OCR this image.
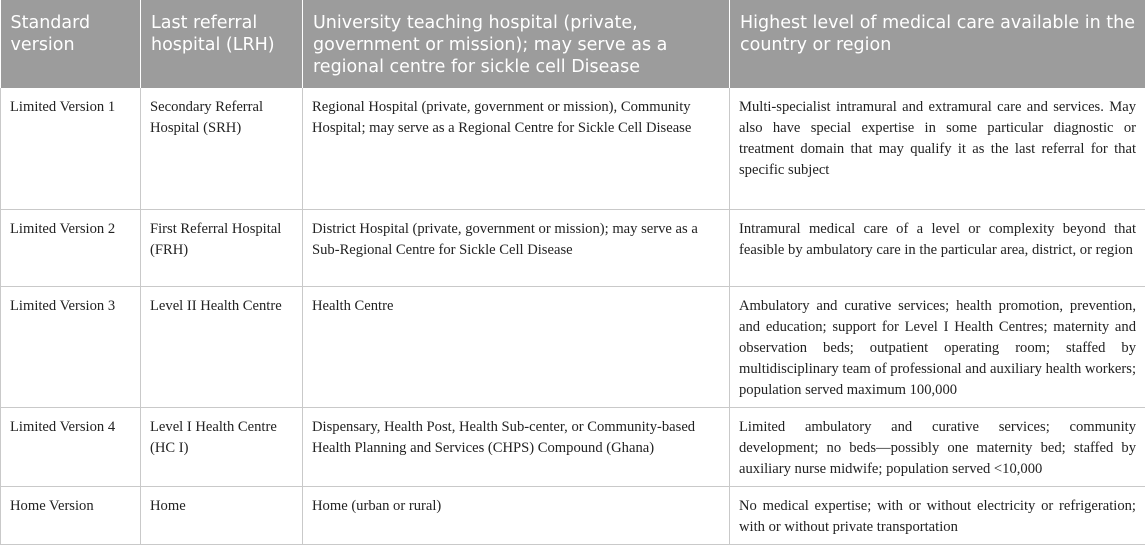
Standard version	Last referral hospital (LRH)	University teaching hospital (private, government or mission); may serve as a regional centre for sickle cell Disease	Highest level of medical care available in the country or region
Limited Version 1	Secondary Referral Hospital (SRH)	Regional Hospital (private, government or mission), Community Hospital; may serve as a Regional Centre for Sickle Cell Disease	Multi-specialist intramural and extramural care and services. May also have special expertise in some particular diagnostic or treatment domain that may qualify it as the last referral for that specific subject
Limited Version 2	First Referral Hospital (FRH)	District Hospital (private, government or mission); may serve as a Sub-Regional Centre for Sickle Cell Disease	Intramural medical care of a level or complexity beyond that feasible by ambulatory care in the particular area, district, or region
Limited Version 3	Level II Health Centre	Health Centre	Ambulatory and curative services; health promotion, prevention, and education; support for Level I Health Centres; maternity and observation beds; outpatient operating room; staffed by multidisciplinary team of professional and auxiliary health workers; population served maximum 100,000
Limited Version 4	Level I Health Centre (HC I)	Dispensary, Health Post, Health Sub-center, or Community-based Health Planning and Services (CHPS) Compound (Ghana)	Limited ambulatory and curative services; community development; no beds—possibly one maternity bed; staffed by auxiliary nurse midwife; population served <10,000
Home Version	Home	Home (urban or rural)	No medical expertise; with or without electricity or refrigeration; with or without private transportation
